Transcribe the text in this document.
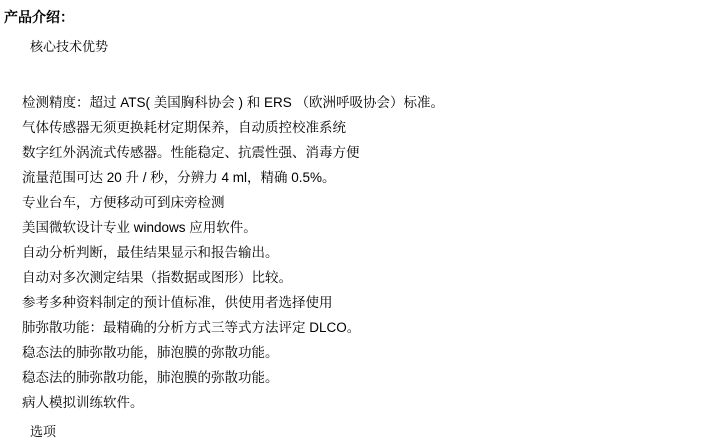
产品介绍：
核心技术优势
检测精度：超过 ATS( 美国胸科协会 ) 和 ERS （欧洲呼吸协会）标准。
气体传感器无须更换耗材定期保养，自动质控校准系统
数字红外涡流式传感器。性能稳定、抗震性强、消毒方便
流量范围可达 20 升 / 秒，分辨力 4 ml，精确 0.5%。
专业台车，方便移动可到床旁检测
美国微软设计专业 windows 应用软件。
自动分析判断，最佳结果显示和报告输出。
自动对多次测定结果（指数据或图形）比较。
参考多种资料制定的预计值标准，供使用者选择使用
肺弥散功能：最精确的分析方式三等式方法评定 DLCO。
稳态法的肺弥散功能，肺泡膜的弥散功能。
稳态法的肺弥散功能，肺泡膜的弥散功能。
病人模拟训练软件。
选项
